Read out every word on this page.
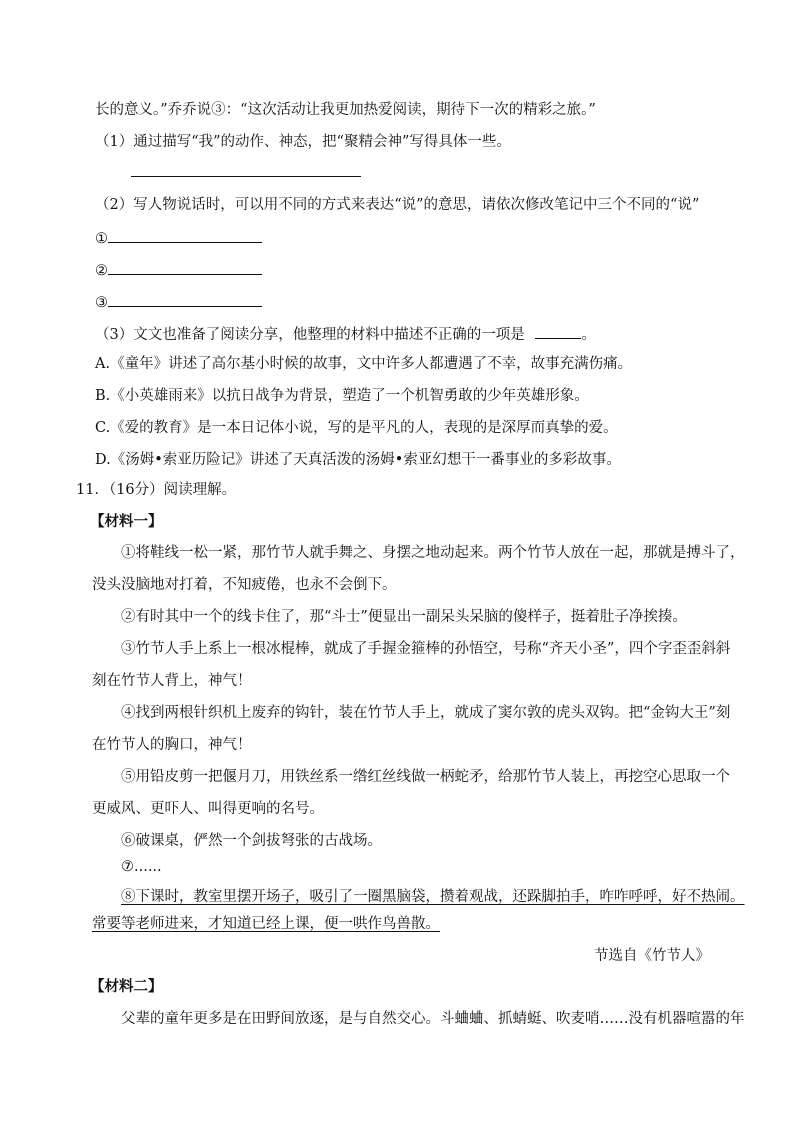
长的意义。”乔乔说③：“这次活动让我更加热爱阅读，期待下一次的精彩之旅。”
（1）通过描写“我”的动作、神态，把“聚精会神”写得具体一些。
（2）写人物说话时，可以用不同的方式来表达“说”的意思，请依次修改笔记中三个不同的“说”
①
②
③
（3）文文也准备了阅读分享，他整理的材料中描述不正确的一项是	。
A.《童年》讲述了高尔基小时候的故事，文中许多人都遭遇了不幸，故事充满伤痛。
B.《小英雄雨来》以抗日战争为背景，塑造了一个机智勇敢的少年英雄形象。
C.《爱的教育》是一本日记体小说，写的是平凡的人，表现的是深厚而真挚的爱。
D.《汤姆•索亚历险记》讲述了天真活泼的汤姆•索亚幻想干一番事业的多彩故事。
11．（16分）阅读理解。
【材料一】
①将鞋线一松一紧，那竹节人就手舞之、身摆之地动起来。两个竹节人放在一起，那就是搏斗了，
没头没脑地对打着，不知疲倦，也永不会倒下。
②有时其中一个的线卡住了，那“斗士”便显出一副呆头呆脑的傻样子，挺着肚子净挨揍。
③竹节人手上系上一根冰棍棒，就成了手握金箍棒的孙悟空，号称“齐天小圣”，四个字歪歪斜斜
刻在竹节人背上，神气！
④找到两根针织机上废弃的钩针，装在竹节人手上，就成了窦尔敦的虎头双钩。把“金钩大王”刻
在竹节人的胸口，神气！
⑤用铅皮剪一把偃月刀，用铁丝系一绺红丝线做一柄蛇矛，给那竹节人装上，再挖空心思取一个
更威风、更吓人、叫得更响的名号。
⑥破课桌，俨然一个剑拔弩张的古战场。
⑦......
⑧下课时，教室里摆开场子，吸引了一圈黑脑袋，攒着观战，还跺脚拍手，咋咋呼呼，好不热闹。
常要等老师进来，才知道已经上课，便一哄作鸟兽散。
节选自《竹节人》
【材料二】
父辈的童年更多是在田野间放逐，是与自然交心。斗蛐蛐、抓蜻蜓、吹麦哨……没有机器喧嚣的年
